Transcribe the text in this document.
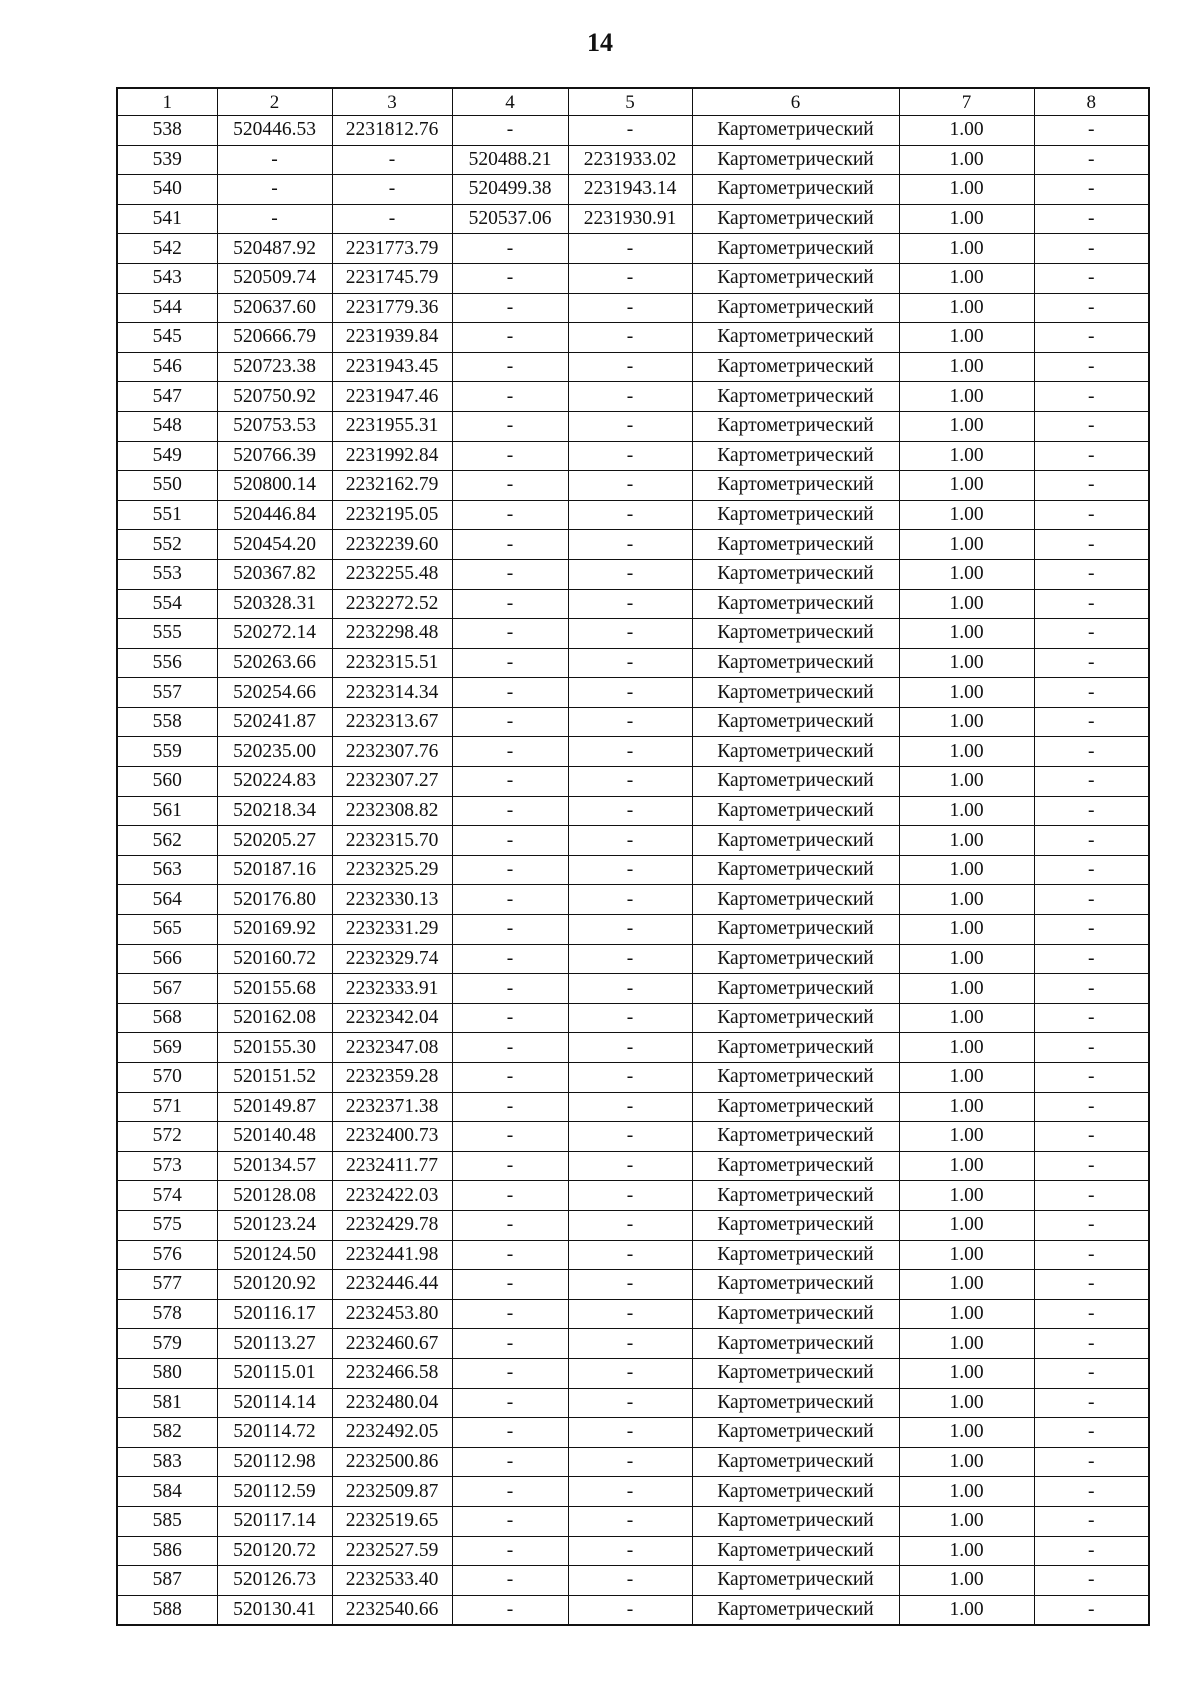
14
1	2	3	4	5	6	7	8
538	520446.53	2231812.76	-	-	Картометрический	1.00	-
539	-	-	520488.21	2231933.02	Картометрический	1.00	-
540	-	-	520499.38	2231943.14	Картометрический	1.00	-
541	-	-	520537.06	2231930.91	Картометрический	1.00	-
542	520487.92	2231773.79	-	-	Картометрический	1.00	-
543	520509.74	2231745.79	-	-	Картометрический	1.00	-
544	520637.60	2231779.36	-	-	Картометрический	1.00	-
545	520666.79	2231939.84	-	-	Картометрический	1.00	-
546	520723.38	2231943.45	-	-	Картометрический	1.00	-
547	520750.92	2231947.46	-	-	Картометрический	1.00	-
548	520753.53	2231955.31	-	-	Картометрический	1.00	-
549	520766.39	2231992.84	-	-	Картометрический	1.00	-
550	520800.14	2232162.79	-	-	Картометрический	1.00	-
551	520446.84	2232195.05	-	-	Картометрический	1.00	-
552	520454.20	2232239.60	-	-	Картометрический	1.00	-
553	520367.82	2232255.48	-	-	Картометрический	1.00	-
554	520328.31	2232272.52	-	-	Картометрический	1.00	-
555	520272.14	2232298.48	-	-	Картометрический	1.00	-
556	520263.66	2232315.51	-	-	Картометрический	1.00	-
557	520254.66	2232314.34	-	-	Картометрический	1.00	-
558	520241.87	2232313.67	-	-	Картометрический	1.00	-
559	520235.00	2232307.76	-	-	Картометрический	1.00	-
560	520224.83	2232307.27	-	-	Картометрический	1.00	-
561	520218.34	2232308.82	-	-	Картометрический	1.00	-
562	520205.27	2232315.70	-	-	Картометрический	1.00	-
563	520187.16	2232325.29	-	-	Картометрический	1.00	-
564	520176.80	2232330.13	-	-	Картометрический	1.00	-
565	520169.92	2232331.29	-	-	Картометрический	1.00	-
566	520160.72	2232329.74	-	-	Картометрический	1.00	-
567	520155.68	2232333.91	-	-	Картометрический	1.00	-
568	520162.08	2232342.04	-	-	Картометрический	1.00	-
569	520155.30	2232347.08	-	-	Картометрический	1.00	-
570	520151.52	2232359.28	-	-	Картометрический	1.00	-
571	520149.87	2232371.38	-	-	Картометрический	1.00	-
572	520140.48	2232400.73	-	-	Картометрический	1.00	-
573	520134.57	2232411.77	-	-	Картометрический	1.00	-
574	520128.08	2232422.03	-	-	Картометрический	1.00	-
575	520123.24	2232429.78	-	-	Картометрический	1.00	-
576	520124.50	2232441.98	-	-	Картометрический	1.00	-
577	520120.92	2232446.44	-	-	Картометрический	1.00	-
578	520116.17	2232453.80	-	-	Картометрический	1.00	-
579	520113.27	2232460.67	-	-	Картометрический	1.00	-
580	520115.01	2232466.58	-	-	Картометрический	1.00	-
581	520114.14	2232480.04	-	-	Картометрический	1.00	-
582	520114.72	2232492.05	-	-	Картометрический	1.00	-
583	520112.98	2232500.86	-	-	Картометрический	1.00	-
584	520112.59	2232509.87	-	-	Картометрический	1.00	-
585	520117.14	2232519.65	-	-	Картометрический	1.00	-
586	520120.72	2232527.59	-	-	Картометрический	1.00	-
587	520126.73	2232533.40	-	-	Картометрический	1.00	-
588	520130.41	2232540.66	-	-	Картометрический	1.00	-
